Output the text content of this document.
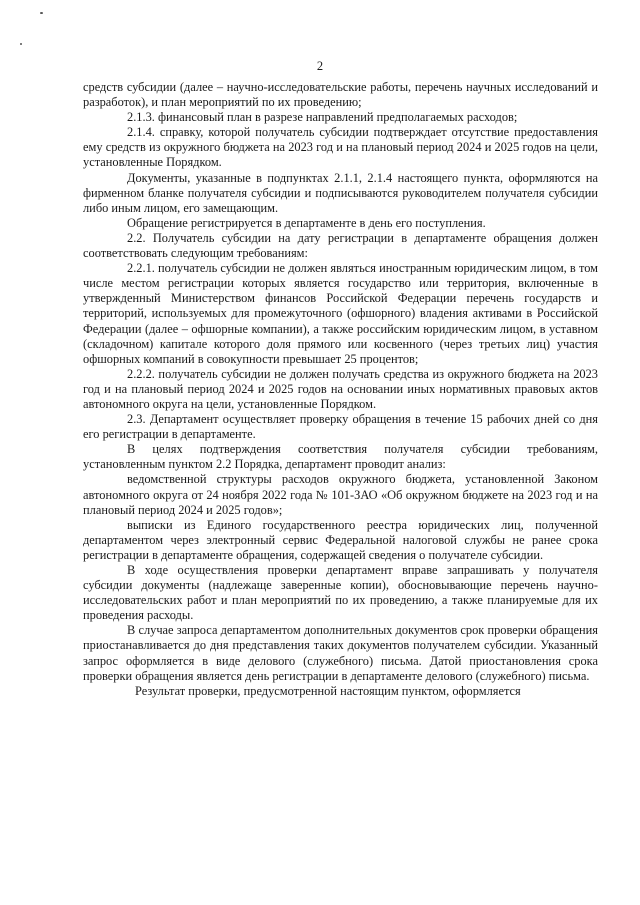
2

средств субсидии (далее – научно-исследовательские работы, перечень научных исследований и разработок), и план мероприятий по их проведению;

2.1.3. финансовый план в разрезе направлений предполагаемых расходов;

2.1.4. справку, которой получатель субсидии подтверждает отсутствие предоставления ему средств из окружного бюджета на 2023 год и на плановый период 2024 и 2025 годов на цели, установленные Порядком.

Документы, указанные в подпунктах 2.1.1, 2.1.4 настоящего пункта, оформляются на фирменном бланке получателя субсидии и подписываются руководителем получателя субсидии либо иным лицом, его замещающим.

Обращение регистрируется в департаменте в день его поступления.

2.2. Получатель субсидии на дату регистрации в департаменте обращения должен соответствовать следующим требованиям:

2.2.1. получатель субсидии не должен являться иностранным юридическим лицом, в том числе местом регистрации которых является государство или территория, включенные в утвержденный Министерством финансов Российской Федерации перечень государств и территорий, используемых для промежуточного (офшорного) владения активами в Российской Федерации (далее – офшорные компании), а также российским юридическим лицом, в уставном (складочном) капитале которого доля прямого или косвенного (через третьих лиц) участия офшорных компаний в совокупности превышает 25 процентов;

2.2.2. получатель субсидии не должен получать средства из окружного бюджета на 2023 год и на плановый период 2024 и 2025 годов на основании иных нормативных правовых актов автономного округа на цели, установленные Порядком.

2.3. Департамент осуществляет проверку обращения в течение 15 рабочих дней со дня его регистрации в департаменте.

В целях подтверждения соответствия получателя субсидии требованиям, установленным пунктом 2.2 Порядка, департамент проводит анализ:

ведомственной структуры расходов окружного бюджета, установленной Законом автономного округа от 24 ноября 2022 года № 101-ЗАО «Об окружном бюджете на 2023 год и на плановый период 2024 и 2025 годов»;

выписки из Единого государственного реестра юридических лиц, полученной департаментом через электронный сервис Федеральной налоговой службы не ранее срока регистрации в департаменте обращения, содержащей сведения о получателе субсидии.

В ходе осуществления проверки департамент вправе запрашивать у получателя субсидии документы (надлежаще заверенные копии), обосновывающие перечень научно-исследовательских работ и план мероприятий по их проведению, а также планируемые для их проведения расходы.

В случае запроса департаментом дополнительных документов срок проверки обращения приостанавливается до дня представления таких документов получателем субсидии. Указанный запрос оформляется в виде делового (служебного) письма. Датой приостановления срока проверки обращения является день регистрации в департаменте делового (служебного) письма.

Результат проверки, предусмотренной настоящим пунктом, оформляется
